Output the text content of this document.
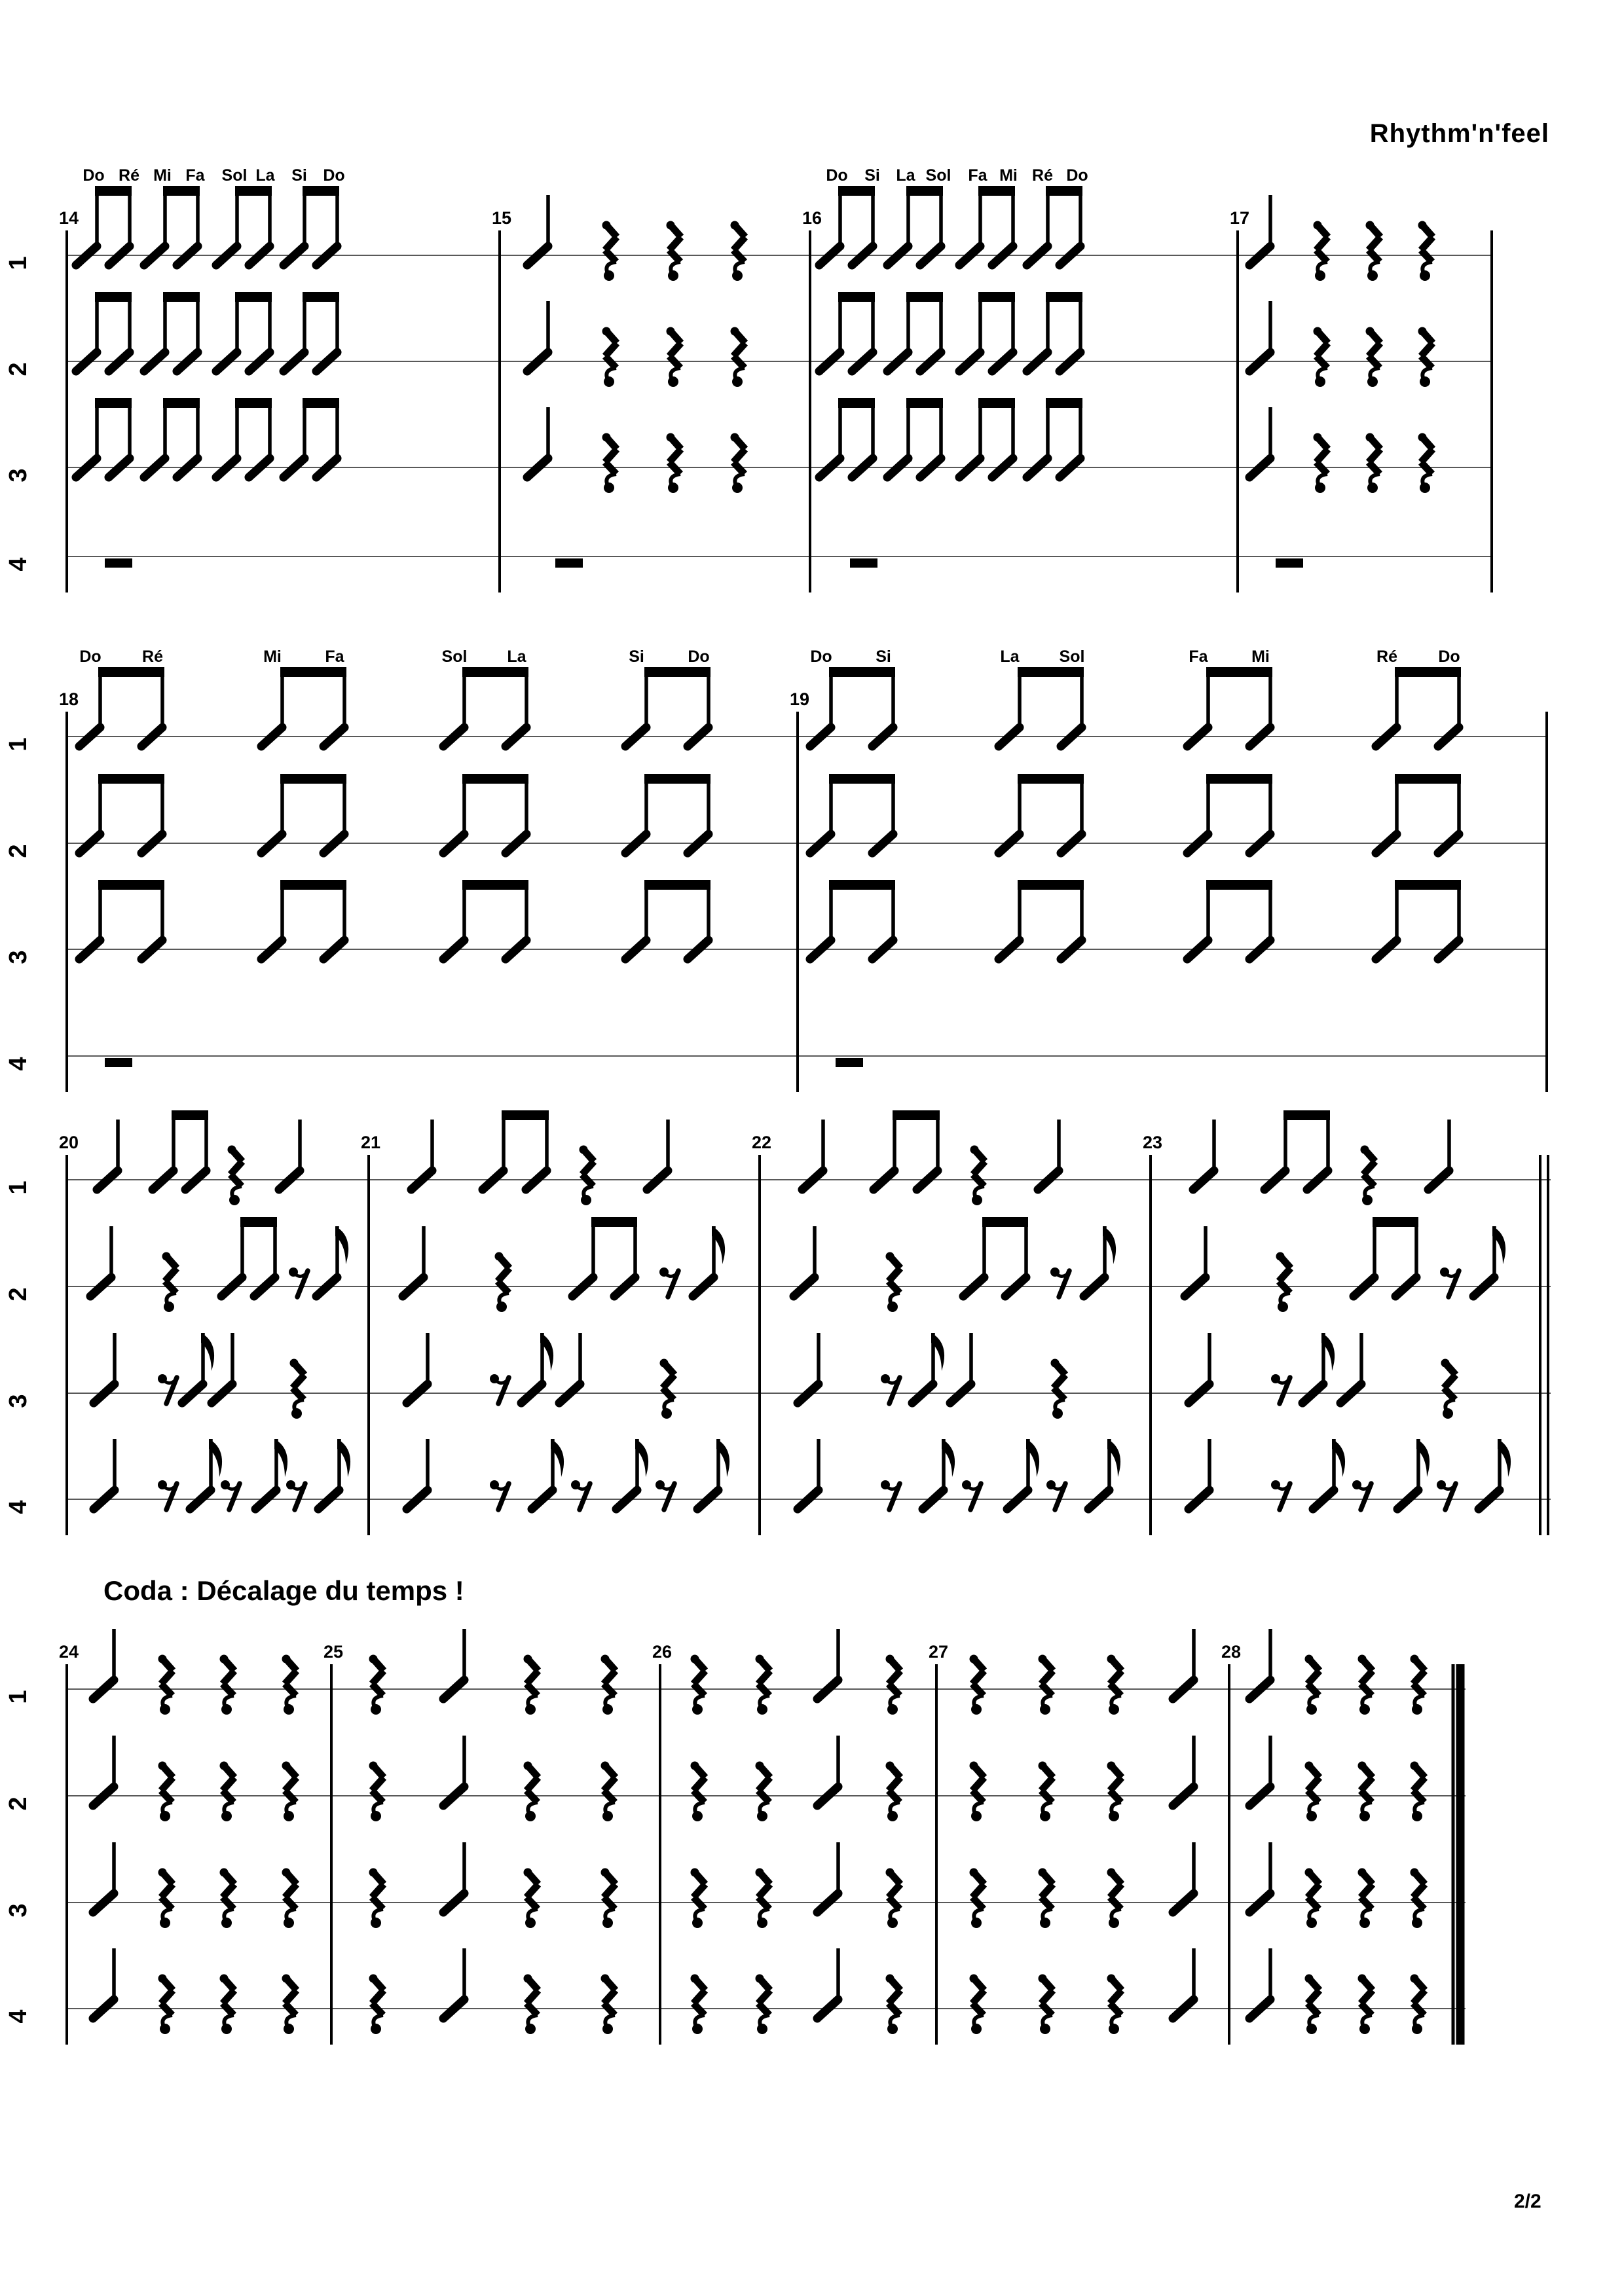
1
2
3
4
14	15	16	17
Do Ré Mi Fa Sol La Si Do	Do Si La Sol Fa Mi Ré Do
1
2
3
4
18	19
Do Ré	Mi	Fa	Sol La	Si	Do	Do	Si	La Sol	Fa	Mi	Ré Do
1
2
3
4
20	21	22	23
1
2
3
4
24	25	26	27	28
Rhythm'n'feel
Coda : Décalage du temps !
2/2
